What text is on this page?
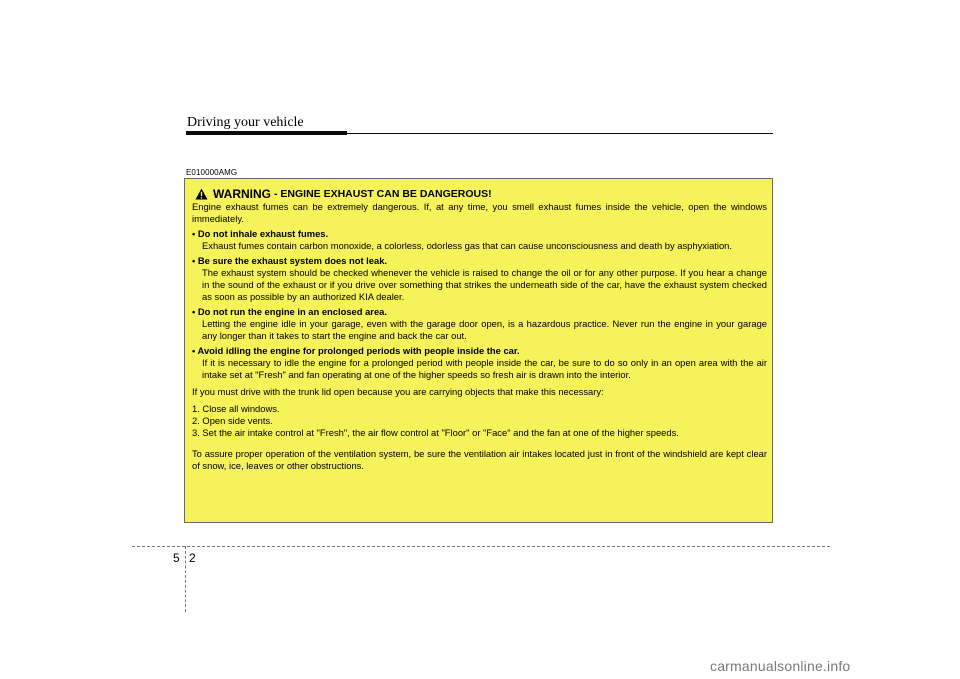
Driving your vehicle
E010000AMG
WARNING - ENGINE EXHAUST CAN BE DANGEROUS!
Engine exhaust fumes can be extremely dangerous. If, at any time, you smell exhaust fumes inside the vehicle, open the windows immediately.
• Do not inhale exhaust fumes.
Exhaust fumes contain carbon monoxide, a colorless, odorless gas that can cause unconsciousness and death by asphyxiation.
• Be sure the exhaust system does not leak.
The exhaust system should be checked whenever the vehicle is raised to change the oil or for any other purpose. If you hear a change in the sound of the exhaust or if you drive over something that strikes the underneath side of the car, have the exhaust system checked as soon as possible by an authorized KIA dealer.
• Do not run the engine in an enclosed area.
Letting the engine idle in your garage, even with the garage door open, is a hazardous practice. Never run the engine in your garage any longer than it takes to start the engine and back the car out.
• Avoid idling the engine for prolonged periods with people inside the car.
If it is necessary to idle the engine for a prolonged period with people inside the car, be sure to do so only in an open area with the air intake set at "Fresh" and fan operating at one of the higher speeds so fresh air is drawn into the interior.
If you must drive with the trunk lid open because you are carrying objects that make this necessary:
1. Close all windows.
2. Open side vents.
3. Set the air intake control at "Fresh", the air flow control at "Floor" or "Face" and the fan at one of the higher speeds.
To assure proper operation of the ventilation system, be sure the ventilation air intakes located just in front of the windshield are kept clear of snow, ice, leaves or other obstructions.
5 2
carmanualsonline.info
